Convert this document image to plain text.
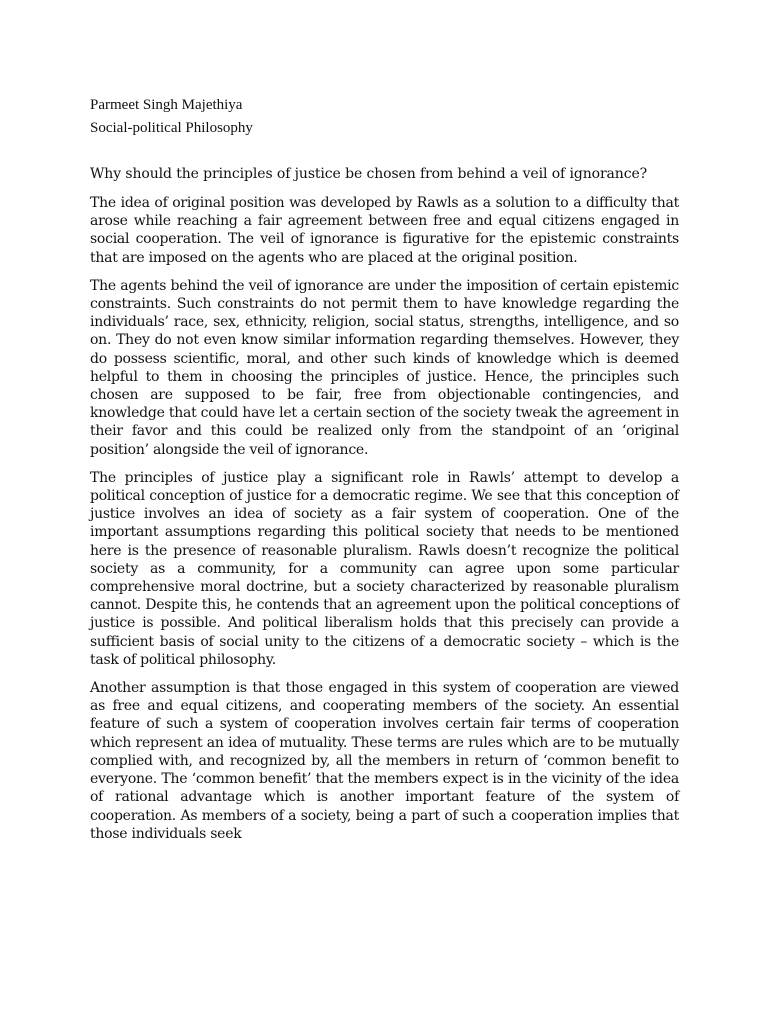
Parmeet Singh Majethiya
Social-political Philosophy
Why should the principles of justice be chosen from behind a veil of ignorance?

The idea of original position was developed by Rawls as a solution to a difficulty that arose while reaching a fair agreement between free and equal citizens engaged in social cooperation. The veil of ignorance is figurative for the epistemic constraints that are imposed on the agents who are placed at the original position.

The agents behind the veil of ignorance are under the imposition of certain epistemic constraints. Such constraints do not permit them to have knowledge regarding the individuals’ race, sex, ethnicity, religion, social status, strengths, intelligence, and so on. They do not even know similar information regarding themselves. However, they do possess scientific, moral, and other such kinds of knowledge which is deemed helpful to them in choosing the principles of justice. Hence, the principles such chosen are supposed to be fair, free from objectionable contingencies, and knowledge that could have let a certain section of the society tweak the agreement in their favor and this could be realized only from the standpoint of an ‘original position’ alongside the veil of ignorance.

The principles of justice play a significant role in Rawls’ attempt to develop a political conception of justice for a democratic regime. We see that this conception of justice involves an idea of society as a fair system of cooperation. One of the important assumptions regarding this political society that needs to be mentioned here is the presence of reasonable pluralism. Rawls doesn’t recognize the political society as a community, for a community can agree upon some particular comprehensive moral doctrine, but a society characterized by reasonable pluralism cannot. Despite this, he contends that an agreement upon the political conceptions of justice is possible. And political liberalism holds that this precisely can provide a sufficient basis of social unity to the citizens of a democratic society – which is the task of political philosophy.

Another assumption is that those engaged in this system of cooperation are viewed as free and equal citizens, and cooperating members of the society. An essential feature of such a system of cooperation involves certain fair terms of cooperation which represent an idea of mutuality. These terms are rules which are to be mutually complied with, and recognized by, all the members in return of ‘common benefit to everyone. The ‘common benefit’ that the members expect is in the vicinity of the idea of rational advantage which is another important feature of the system of cooperation. As members of a society, being a part of such a cooperation implies that those individuals seek
